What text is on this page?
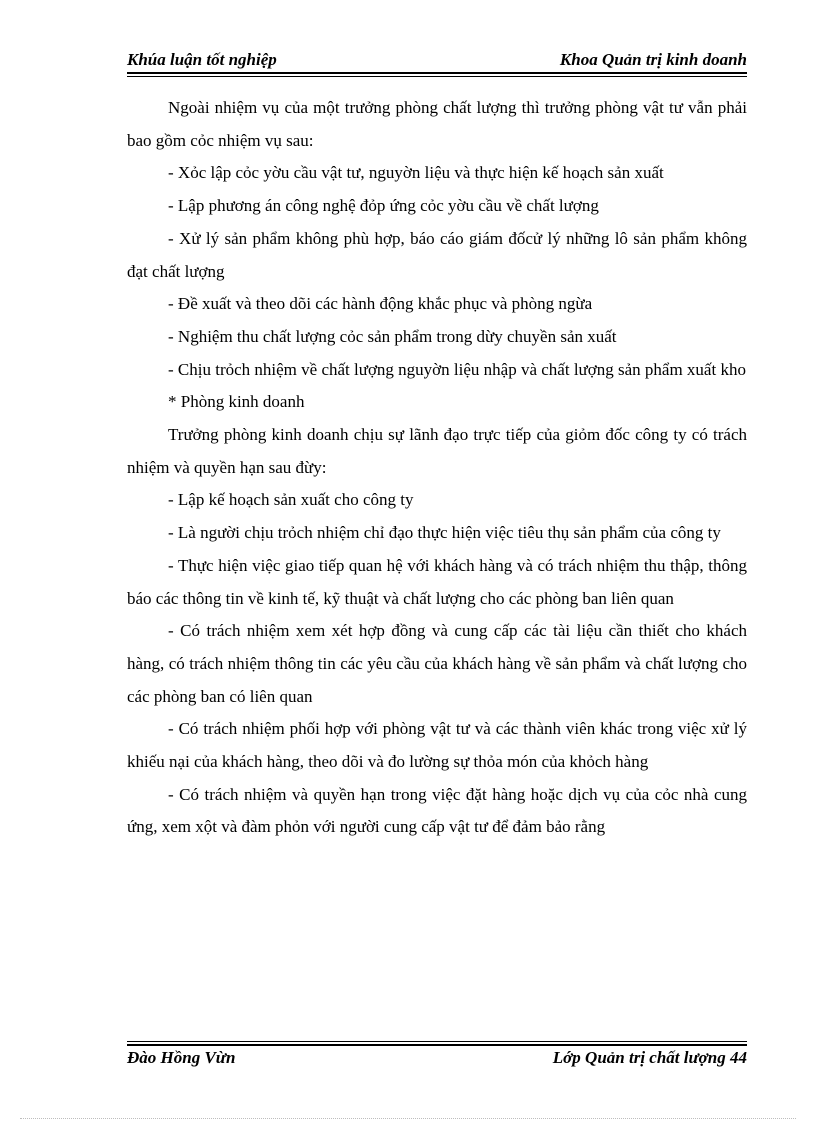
Khúa luận tốt nghiệp	Khoa Quản trị kinh doanh

Ngoài nhiệm vụ của một trưởng phòng chất lượng thì trưởng phòng vật tư vẫn phải bao gồm cỏc nhiệm vụ sau:

- Xỏc lập cỏc yờu cầu vật tư, nguyờn liệu và thực hiện kế hoạch sản xuất

- Lập phương án công nghệ đỏp ứng cỏc yờu cầu về chất lượng

- Xử lý sản phẩm không phù hợp, báo cáo giám đốcử lý những lô sản phẩm không đạt chất lượng

- Đề xuất và theo dõi các hành động khắc phục và phòng ngừa

- Nghiệm thu chất lượng cỏc sản phẩm trong dừy chuyền sản xuất

- Chịu trỏch nhiệm về chất lượng nguyờn liệu nhập và chất lượng sản phẩm xuất kho

* Phòng kinh doanh

Trưởng phòng kinh doanh chịu sự lãnh đạo trực tiếp của giỏm đốc công ty có trách nhiệm và quyền hạn sau đừy:

- Lập kế hoạch sản xuất cho công ty

- Là người chịu trỏch nhiệm chỉ đạo thực hiện việc tiêu thụ sản phẩm của công ty

- Thực hiện việc giao tiếp quan hệ với khách hàng và có trách nhiệm thu thập, thông báo các thông tin về kinh tế, kỹ thuật và chất lượng cho các phòng ban liên quan

- Có trách nhiệm xem xét hợp đồng và cung cấp các tài liệu cần thiết cho khách hàng, có trách nhiệm thông tin các yêu cầu của khách hàng về sản phẩm và chất lượng cho các phòng ban có liên quan

- Có trách nhiệm phối hợp với phòng vật tư và các thành viên khác trong việc xử lý khiếu nại của khách hàng, theo dõi và đo lường sự thỏa món của khỏch hàng

- Có trách nhiệm và quyền hạn trong việc đặt hàng hoặc dịch vụ của cỏc nhà cung ứng, xem xột và đàm phỏn với người cung cấp vật tư để đảm bảo rằng

Đào Hồng Vừn	Lớp Quản trị chất lượng 44
